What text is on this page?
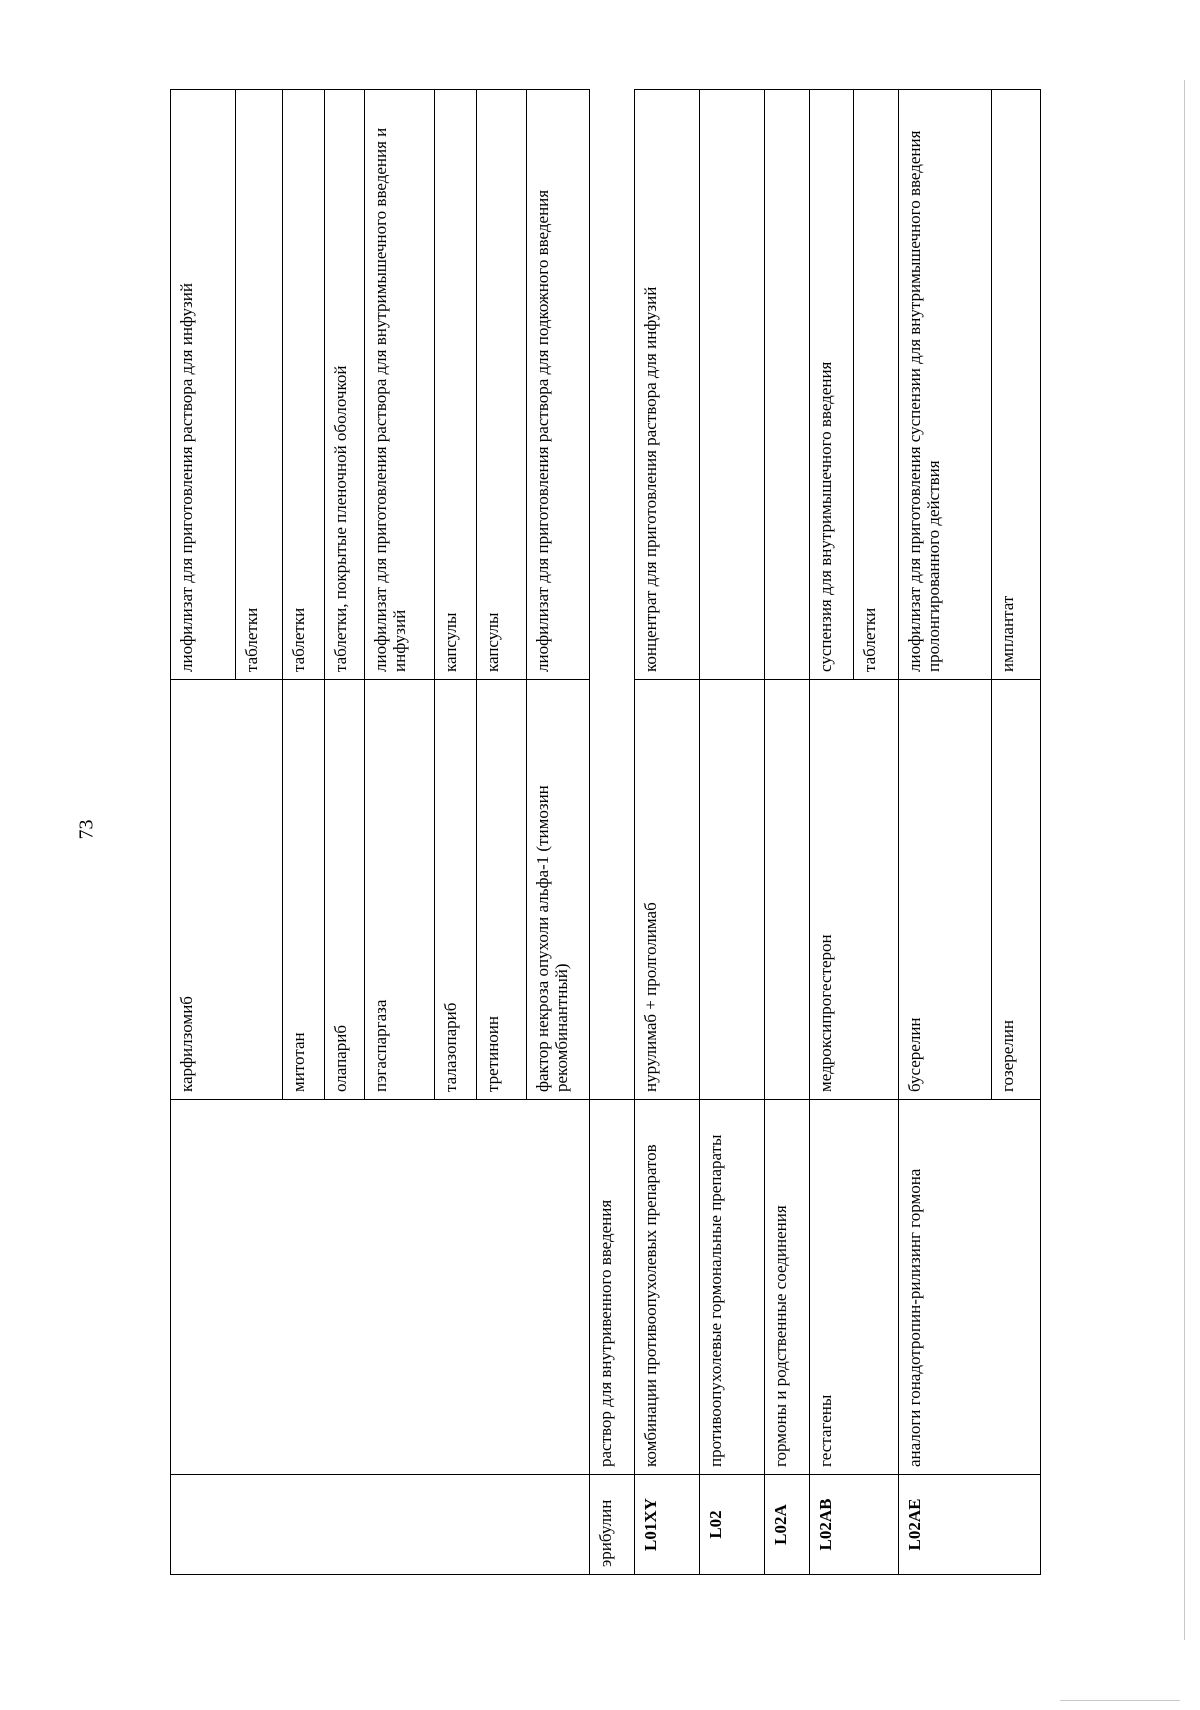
73
		карфилзомиб	лиофилизат для приготовления раствора для инфузий
			таблетки
		митотан	таблетки
		олапариб	таблетки, покрытые пленочной оболочкой
		пэгаспаргаза	лиофилизат для приготовления раствора для внутримышечного введения и инфузий
		талазопариб	капсулы
		третиноин	капсулы
		фактор некроза опухоли альфа-1 (тимозин рекомбинантный)	лиофилизат для приготовления раствора для подкожного введения
эрибулин	раствор для внутривенного введения		
L01XY	комбинации противоопухолевых препаратов	нурулимаб + пролголимаб	концентрат для приготовления раствора для инфузий
L02	противоопухолевые гормональные препараты		
L02A	гормоны и родственные соединения		
L02AB	гестагены	медроксипрогестерон	суспензия для внутримышечного введения
			таблетки
L02AE	аналоги гонадотропин-рилизинг гормона	бусерелин	лиофилизат для приготовления суспензии для внутримышечного введения пролонгированного действия
		гозерелин	имплантат
